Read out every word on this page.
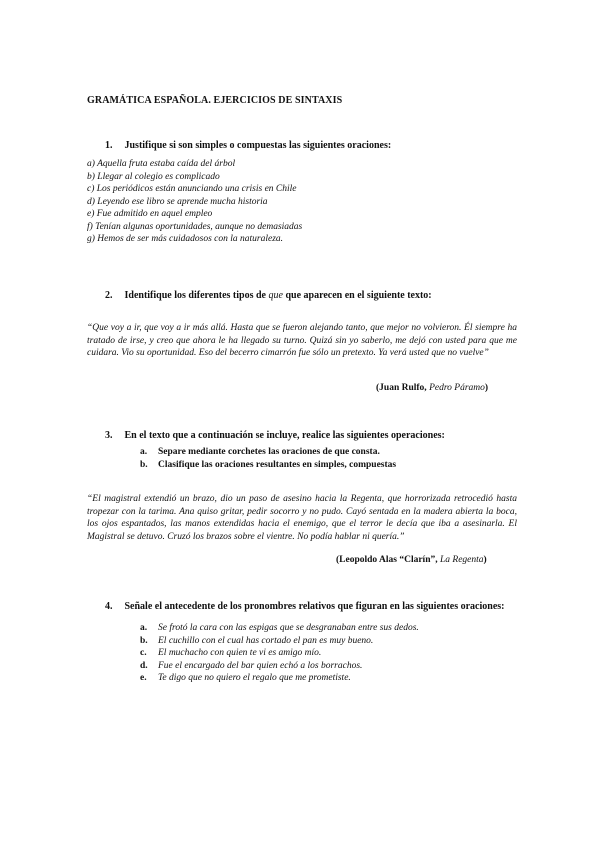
GRAMÁTICA ESPAÑOLA. EJERCICIOS DE SINTAXIS
1. Justifique si son simples o compuestas las siguientes oraciones:
a) Aquella fruta estaba caída del árbol
b) Llegar al colegio es complicado
c) Los periódicos están anunciando una crisis en Chile
d) Leyendo ese libro se aprende mucha historia
e) Fue admitido en aquel empleo
f) Tenían algunas oportunidades, aunque no demasiadas
g) Hemos de ser más cuidadosos con la naturaleza.
2. Identifique los diferentes tipos de que que aparecen en el siguiente texto:
“Que voy a ir, que voy a ir más allá. Hasta que se fueron alejando tanto, que mejor no volvieron. Él siempre ha tratado de irse, y creo que ahora le ha llegado su turno. Quizá sin yo saberlo, me dejó con usted para que me cuidara. Vio su oportunidad. Eso del becerro cimarrón fue sólo un pretexto. Ya verá usted que no vuelve”
(Juan Rulfo, Pedro Páramo)
3. En el texto que a continuación se incluye, realice las siguientes operaciones:
a. Separe mediante corchetes las oraciones de que consta.
b. Clasifique las oraciones resultantes en simples, compuestas
“El magistral extendió un brazo, dio un paso de asesino hacia la Regenta, que horrorizada retrocedió hasta tropezar con la tarima. Ana quiso gritar, pedir socorro y no pudo. Cayó sentada en la madera abierta la boca, los ojos espantados, las manos extendidas hacia el enemigo, que el terror le decía que iba a asesinarla. El Magistral se detuvo. Cruzó los brazos sobre el vientre. No podía hablar ni quería.”
(Leopoldo Alas “Clarín”, La Regenta)
4. Señale el antecedente de los pronombres relativos que figuran en las siguientes oraciones:
a. Se frotó la cara con las espigas que se desgranaban entre sus dedos.
b. El cuchillo con el cual has cortado el pan es muy bueno.
c. El muchacho con quien te vi es amigo mío.
d. Fue el encargado del bar quien echó a los borrachos.
e. Te digo que no quiero el regalo que me prometiste.
